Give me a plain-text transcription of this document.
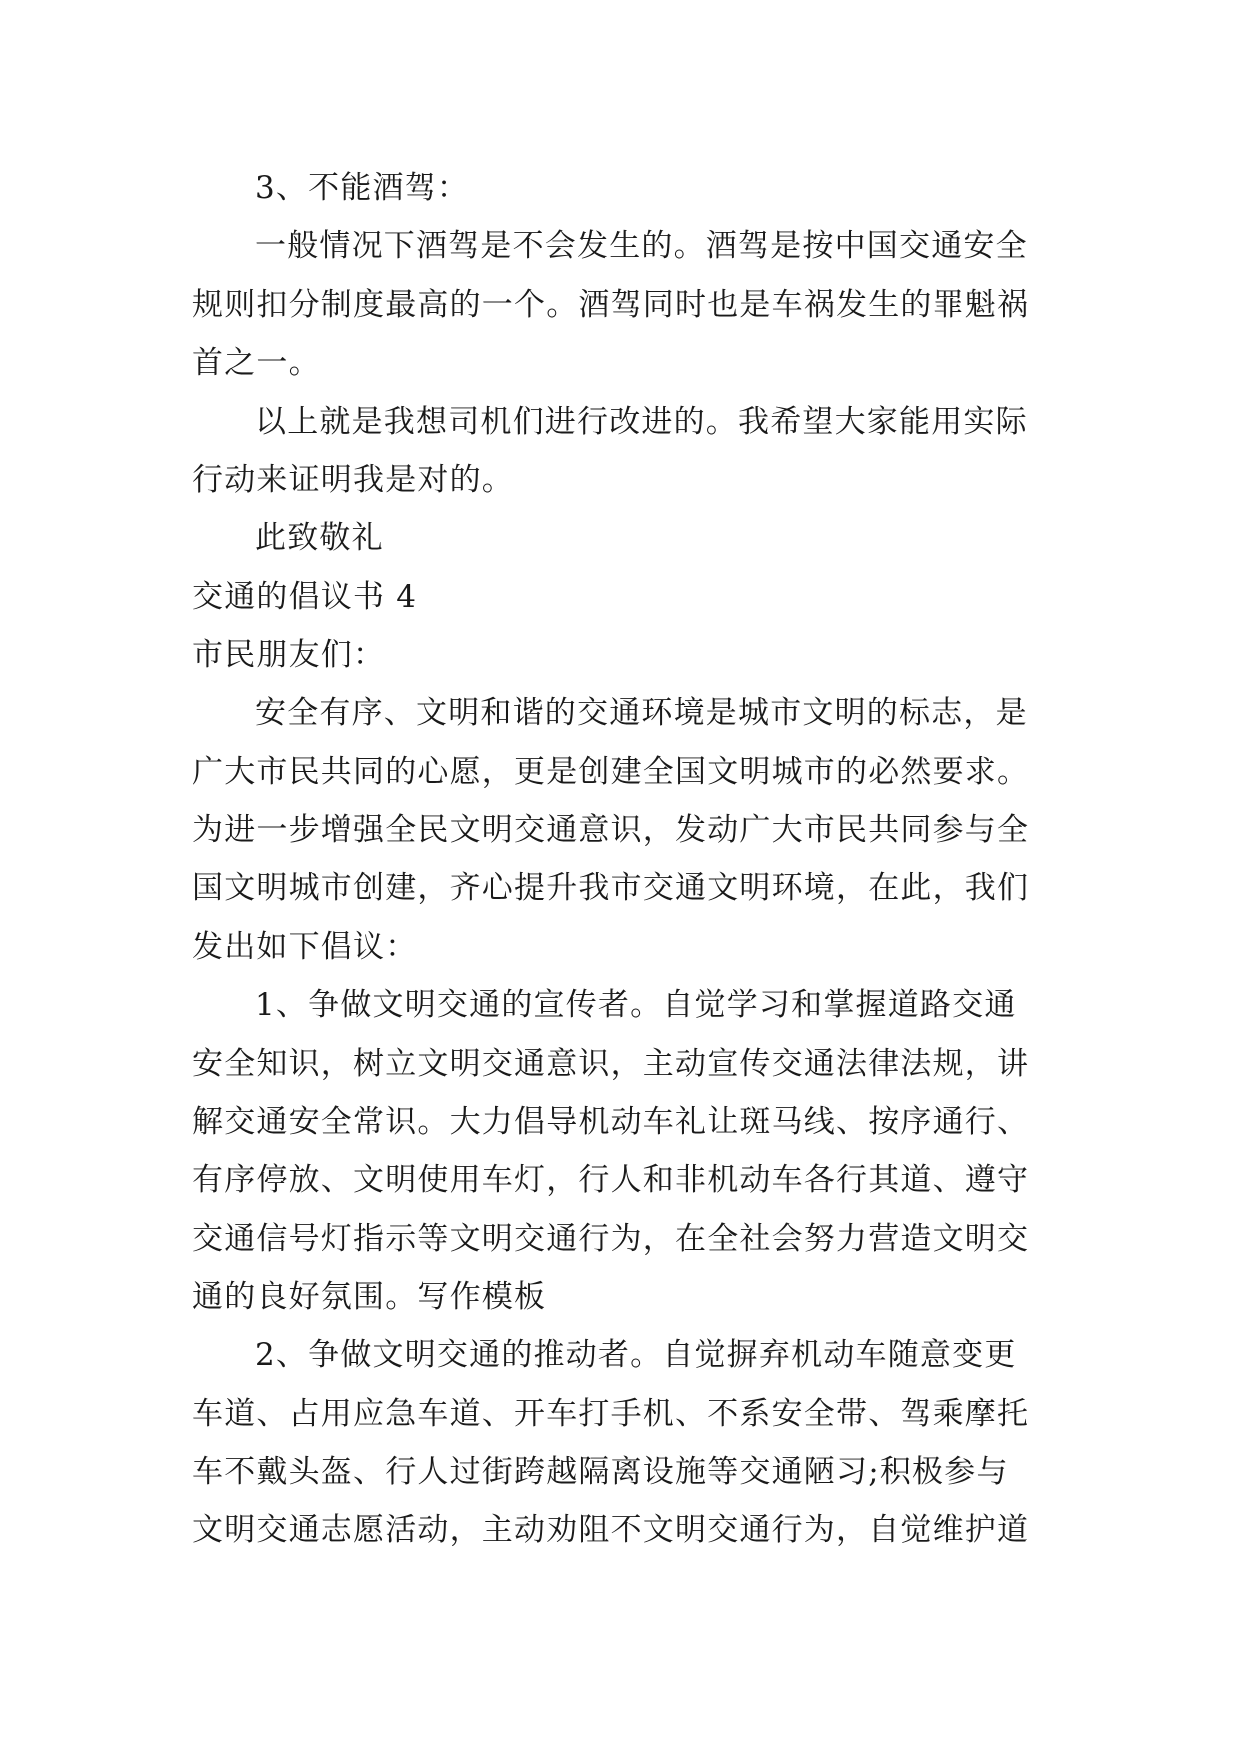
3、不能酒驾：
一般情况下酒驾是不会发生的。酒驾是按中国交通安全
规则扣分制度最高的一个。酒驾同时也是车祸发生的罪魁祸
首之一。
以上就是我想司机们进行改进的。我希望大家能用实际
行动来证明我是对的。
此致敬礼
交通的倡议书 4
市民朋友们：
安全有序、文明和谐的交通环境是城市文明的标志，是
广大市民共同的心愿，更是创建全国文明城市的必然要求。
为进一步增强全民文明交通意识，发动广大市民共同参与全
国文明城市创建，齐心提升我市交通文明环境，在此，我们
发出如下倡议：
1、争做文明交通的宣传者。自觉学习和掌握道路交通
安全知识，树立文明交通意识，主动宣传交通法律法规，讲
解交通安全常识。大力倡导机动车礼让斑马线、按序通行、
有序停放、文明使用车灯，行人和非机动车各行其道、遵守
交通信号灯指示等文明交通行为，在全社会努力营造文明交
通的良好氛围。写作模板
2、争做文明交通的推动者。自觉摒弃机动车随意变更
车道、占用应急车道、开车打手机、不系安全带、驾乘摩托
车不戴头盔、行人过街跨越隔离设施等交通陋习;积极参与
文明交通志愿活动，主动劝阻不文明交通行为，自觉维护道
